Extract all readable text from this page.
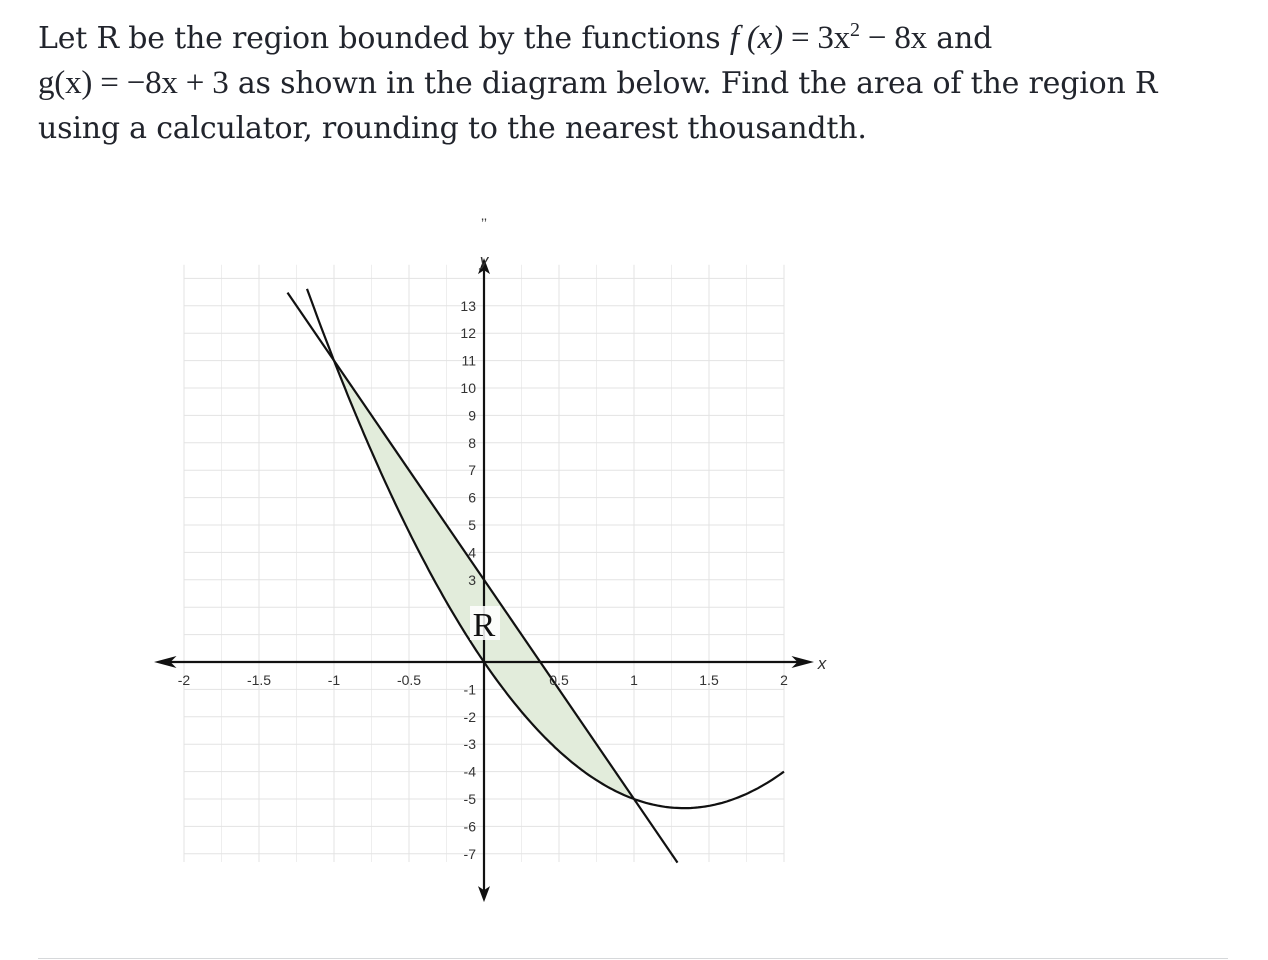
Let R be the region bounded by the functions f $(x) = 3x^2 - 8x$ and
g(x) = −8x + 3 as shown in the diagram below. Find the area of the region R using a calculator, rounding to the nearest thousandth.
-2	-1.5	-1	-0.5	0.5	1	1.5	2
13
12
11
10
9
8
7
6
5
4
3
-1
-2
-3
-4
-5
-6
-7
R
y
x
’’
